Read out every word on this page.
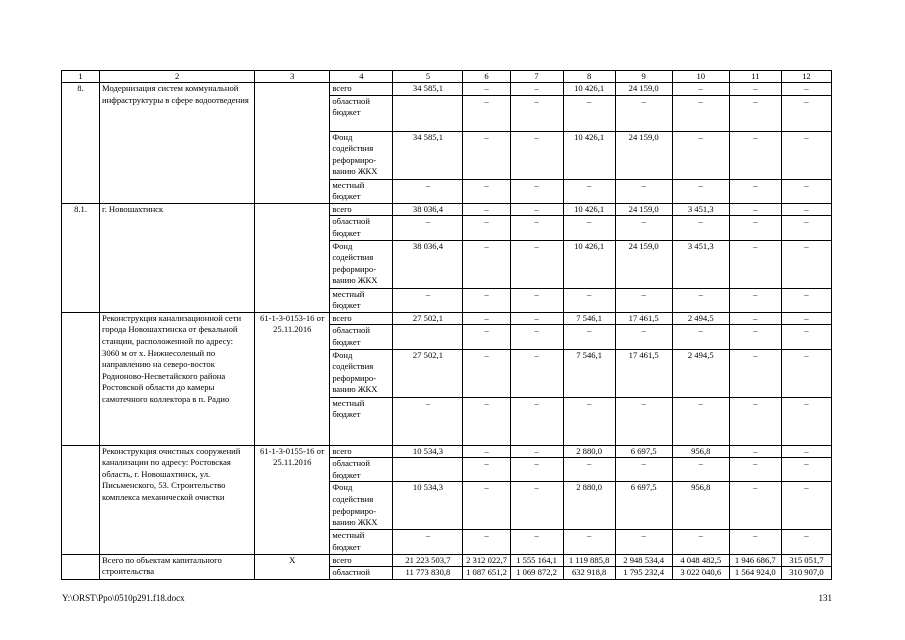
1	2	3	4	5	6	7	8	9	10	11	12
8.	Модернизация систем коммунальной инфраструктуры в сфере водоотведения		всего	34 585,1	–	–	10 426,1	24 159,0	–	–	–
			областной бюджет		–	–	–	–	–	–	–
			Фонд содействия реформиро-ванию ЖКХ	34 585,1	–	–	10 426,1	24 159,0	–	–	–
			местный бюджет	–	–	–	–	–	–	–	–
8.1.	г. Новошахтинск		всего	38 036,4	–	–	10 426,1	24 159,0	3 451,3	–	–
			областной бюджет	–	–	–	–	–	–	–	–
			Фонд содействия реформиро-ванию ЖКХ	38 036,4	–	–	10 426,1	24 159,0	3 451,3	–	–
			местный бюджет	–	–	–	–	–	–	–	–
	Реконструкция канализационной сети города Новошахтинска от фекальной станции, расположенной по адресу: 3060 м от х. Нижнесоленый по направлению на северо-восток Родионово-Несветайского района Ростовской области до камеры самотечного коллектора в п. Радио	61-1-3-0153-16 от 25.11.2016	всего	27 502,1	–	–	7 546,1	17 461,5	2 494,5	–	–
			областной бюджет		–	–	–	–	–	–	–
			Фонд содействия реформиро-ванию ЖКХ	27 502,1	–	–	7 546,1	17 461,5	2 494,5	–	–
			местный бюджет	–	–	–	–	–	–	–	–
	Реконструкция очистных сооружений канализации по адресу: Ростовская область, г. Новошахтинск, ул. Письменского, 53. Строительство комплекса механической очистки	61-1-3-0155-16 от 25.11.2016	всего	10 534,3	–	–	2 880,0	6 697,5	956,8	–	–
			областной бюджет		–	–	–	–	–	–	–
			Фонд содействия реформиро-ванию ЖКХ	10 534,3	–	–	2 880,0	6 697,5	956,8	–	–
			местный бюджет	–	–	–	–	–	–	–	–
	Всего по объектам капитального строительства	Х	всего	21 223 503,7	2 312 022,7	1 555 164,1	1 119 885,8	2 948 534,4	4 048 482,5	1 946 686,7	315 051,7
			областной	11 773 830,8	1 087 651,2	1 069 872,2	632 918,8	1 795 232,4	3 022 040,6	1 564 924,0	310 907,0
Y:\ORST\Ppo\0510p291.f18.docx	131
